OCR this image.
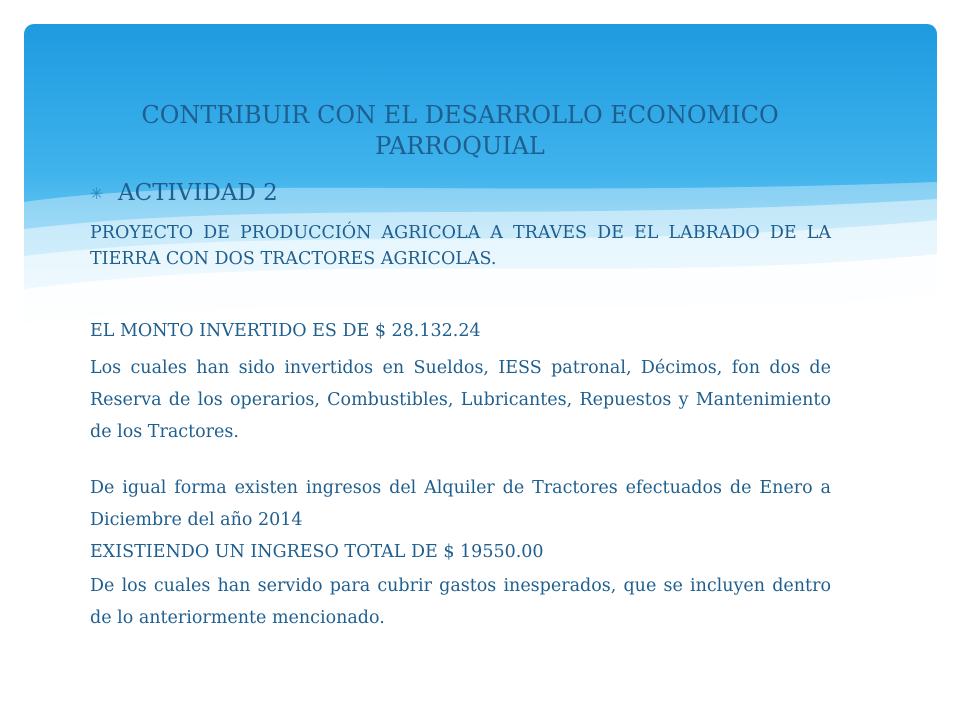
CONTRIBUIR CON EL DESARROLLO ECONOMICO PARROQUIAL
✳ ACTIVIDAD 2
PROYECTO DE PRODUCCIÓN AGRICOLA A TRAVES DE EL LABRADO DE LA TIERRA CON DOS TRACTORES AGRICOLAS.
EL MONTO INVERTIDO ES DE $ 28.132.24
Los cuales han sido invertidos en Sueldos, IESS patronal, Décimos, fon dos de Reserva de los operarios, Combustibles, Lubricantes, Repuestos y Mantenimiento de los Tractores.
De igual forma existen ingresos del Alquiler de Tractores efectuados de Enero a Diciembre del año 2014
EXISTIENDO UN INGRESO TOTAL DE $ 19550.00
De los cuales han servido para cubrir gastos inesperados, que se incluyen dentro de lo anteriormente mencionado.
